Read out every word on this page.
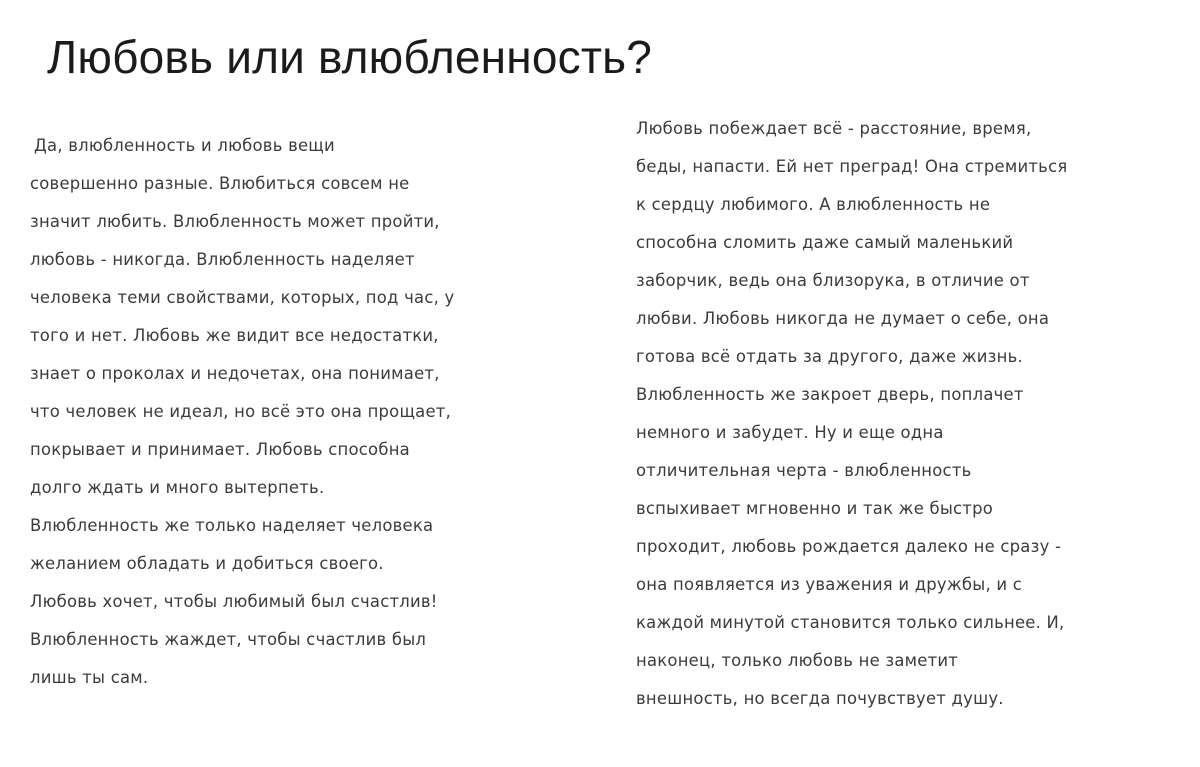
Любовь или влюбленность?
Да, влюбленность и любовь вещи
совершенно разные. Влюбиться совсем не
значит любить. Влюбленность может пройти,
любовь - никогда. Влюбленность наделяет
человека теми свойствами, которых, под час, у
того и нет. Любовь же видит все недостатки,
знает о проколах и недочетах, она понимает,
что человек не идеал, но всё это она прощает,
покрывает и принимает. Любовь способна
долго ждать и много вытерпеть.
Влюбленность же только наделяет человека
желанием обладать и добиться своего.
Любовь хочет, чтобы любимый был счастлив!
Влюбленность жаждет, чтобы счастлив был
лишь ты сам.
Любовь побеждает всё - расстояние, время,
беды, напасти. Ей нет преград! Она стремиться
к сердцу любимого. А влюбленность не
способна сломить даже самый маленький
заборчик, ведь она близорука, в отличие от
любви. Любовь никогда не думает о себе, она
готова всё отдать за другого, даже жизнь.
Влюбленность же закроет дверь, поплачет
немного и забудет. Ну и еще одна
отличительная черта - влюбленность
вспыхивает мгновенно и так же быстро
проходит, любовь рождается далеко не сразу -
она появляется из уважения и дружбы, и с
каждой минутой становится только сильнее. И,
наконец, только любовь не заметит
внешность, но всегда почувствует душу.
